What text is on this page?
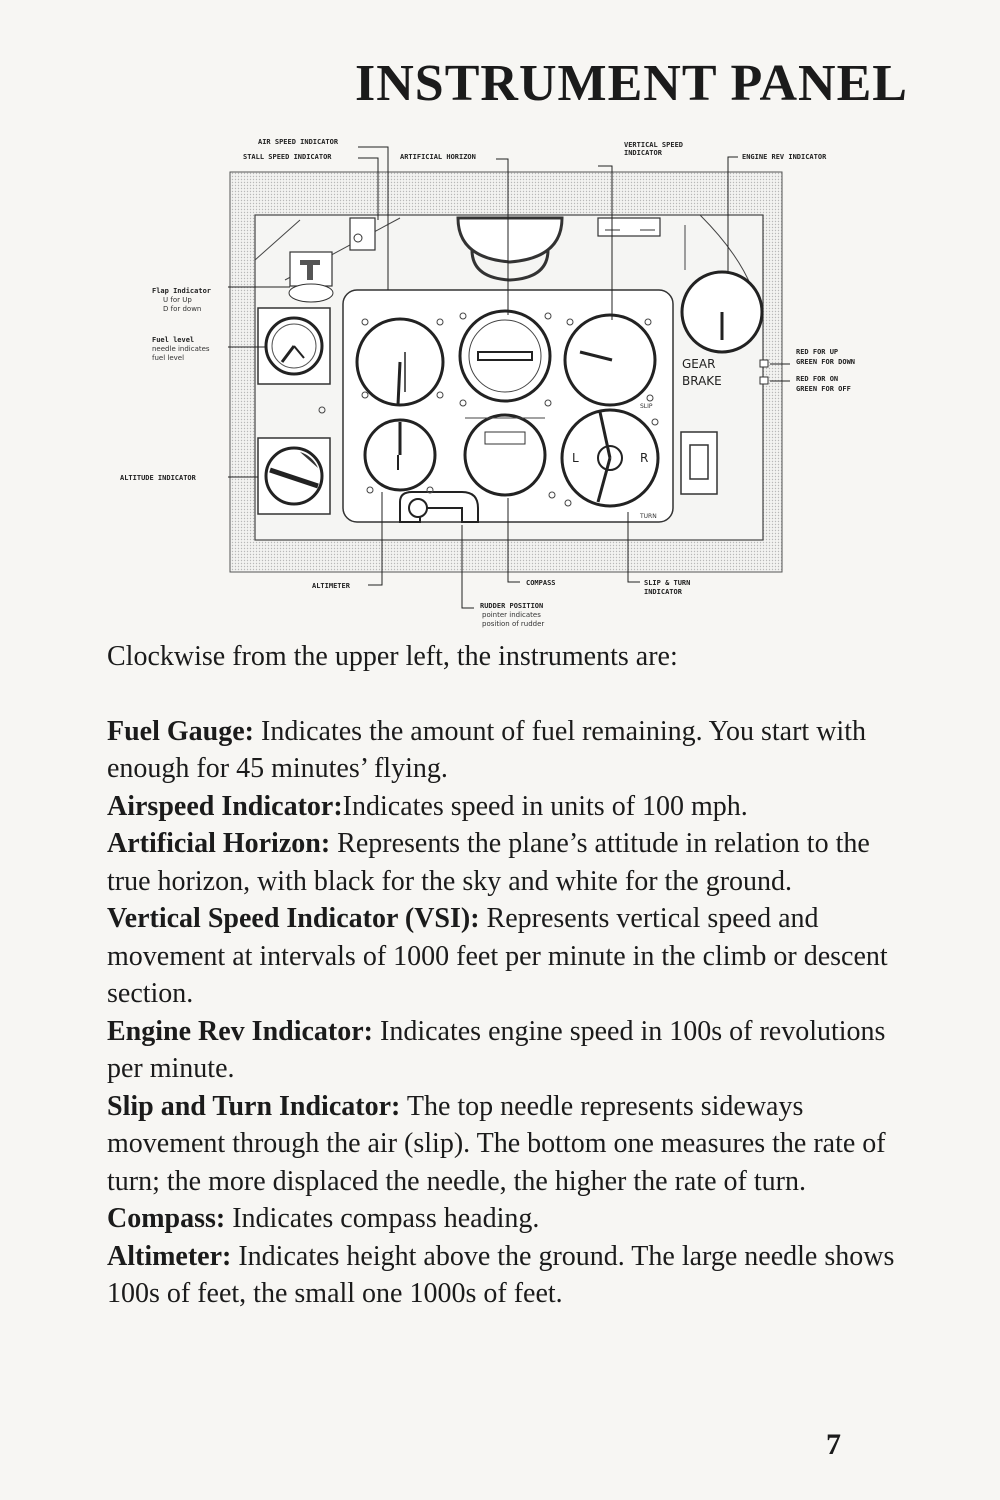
INSTRUMENT PANEL
L	R
SLIP
TURN
GEAR
BRAKE
AIR SPEED INDICATOR
STALL SPEED INDICATOR	ARTIFICIAL HORIZON
VERTICAL SPEED
INDICATOR	ENGINE REV INDICATOR
Flap Indicator
U for Up
D for down
Fuel level
needle indicates
fuel level
ALTITUDE INDICATOR
RED FOR UP
GREEN FOR DOWN
RED FOR ON
GREEN FOR OFF
ALTIMETER	COMPASS	SLIP & TURN
INDICATOR
RUDDER POSITION
pointer indicates
position of rudder

Clockwise from the upper left, the instruments are:

Fuel Gauge: Indicates the amount of fuel remaining. You start with enough for 45 minutes’ flying.

Airspeed Indicator:Indicates speed in units of 100 mph.

Artificial Horizon: Represents the plane’s attitude in relation to the true horizon, with black for the sky and white for the ground.

Vertical Speed Indicator (VSI): Represents vertical speed and movement at intervals of 1000 feet per minute in the climb or descent section.

Engine Rev Indicator: Indicates engine speed in 100s of revolutions per minute.

Slip and Turn Indicator: The top needle represents sideways movement through the air (slip). The bottom one measures the rate of turn; the more displaced the needle, the higher the rate of turn.

Compass: Indicates compass heading.

Altimeter: Indicates height above the ground. The large needle shows 100s of feet, the small one 1000s of feet.

7
